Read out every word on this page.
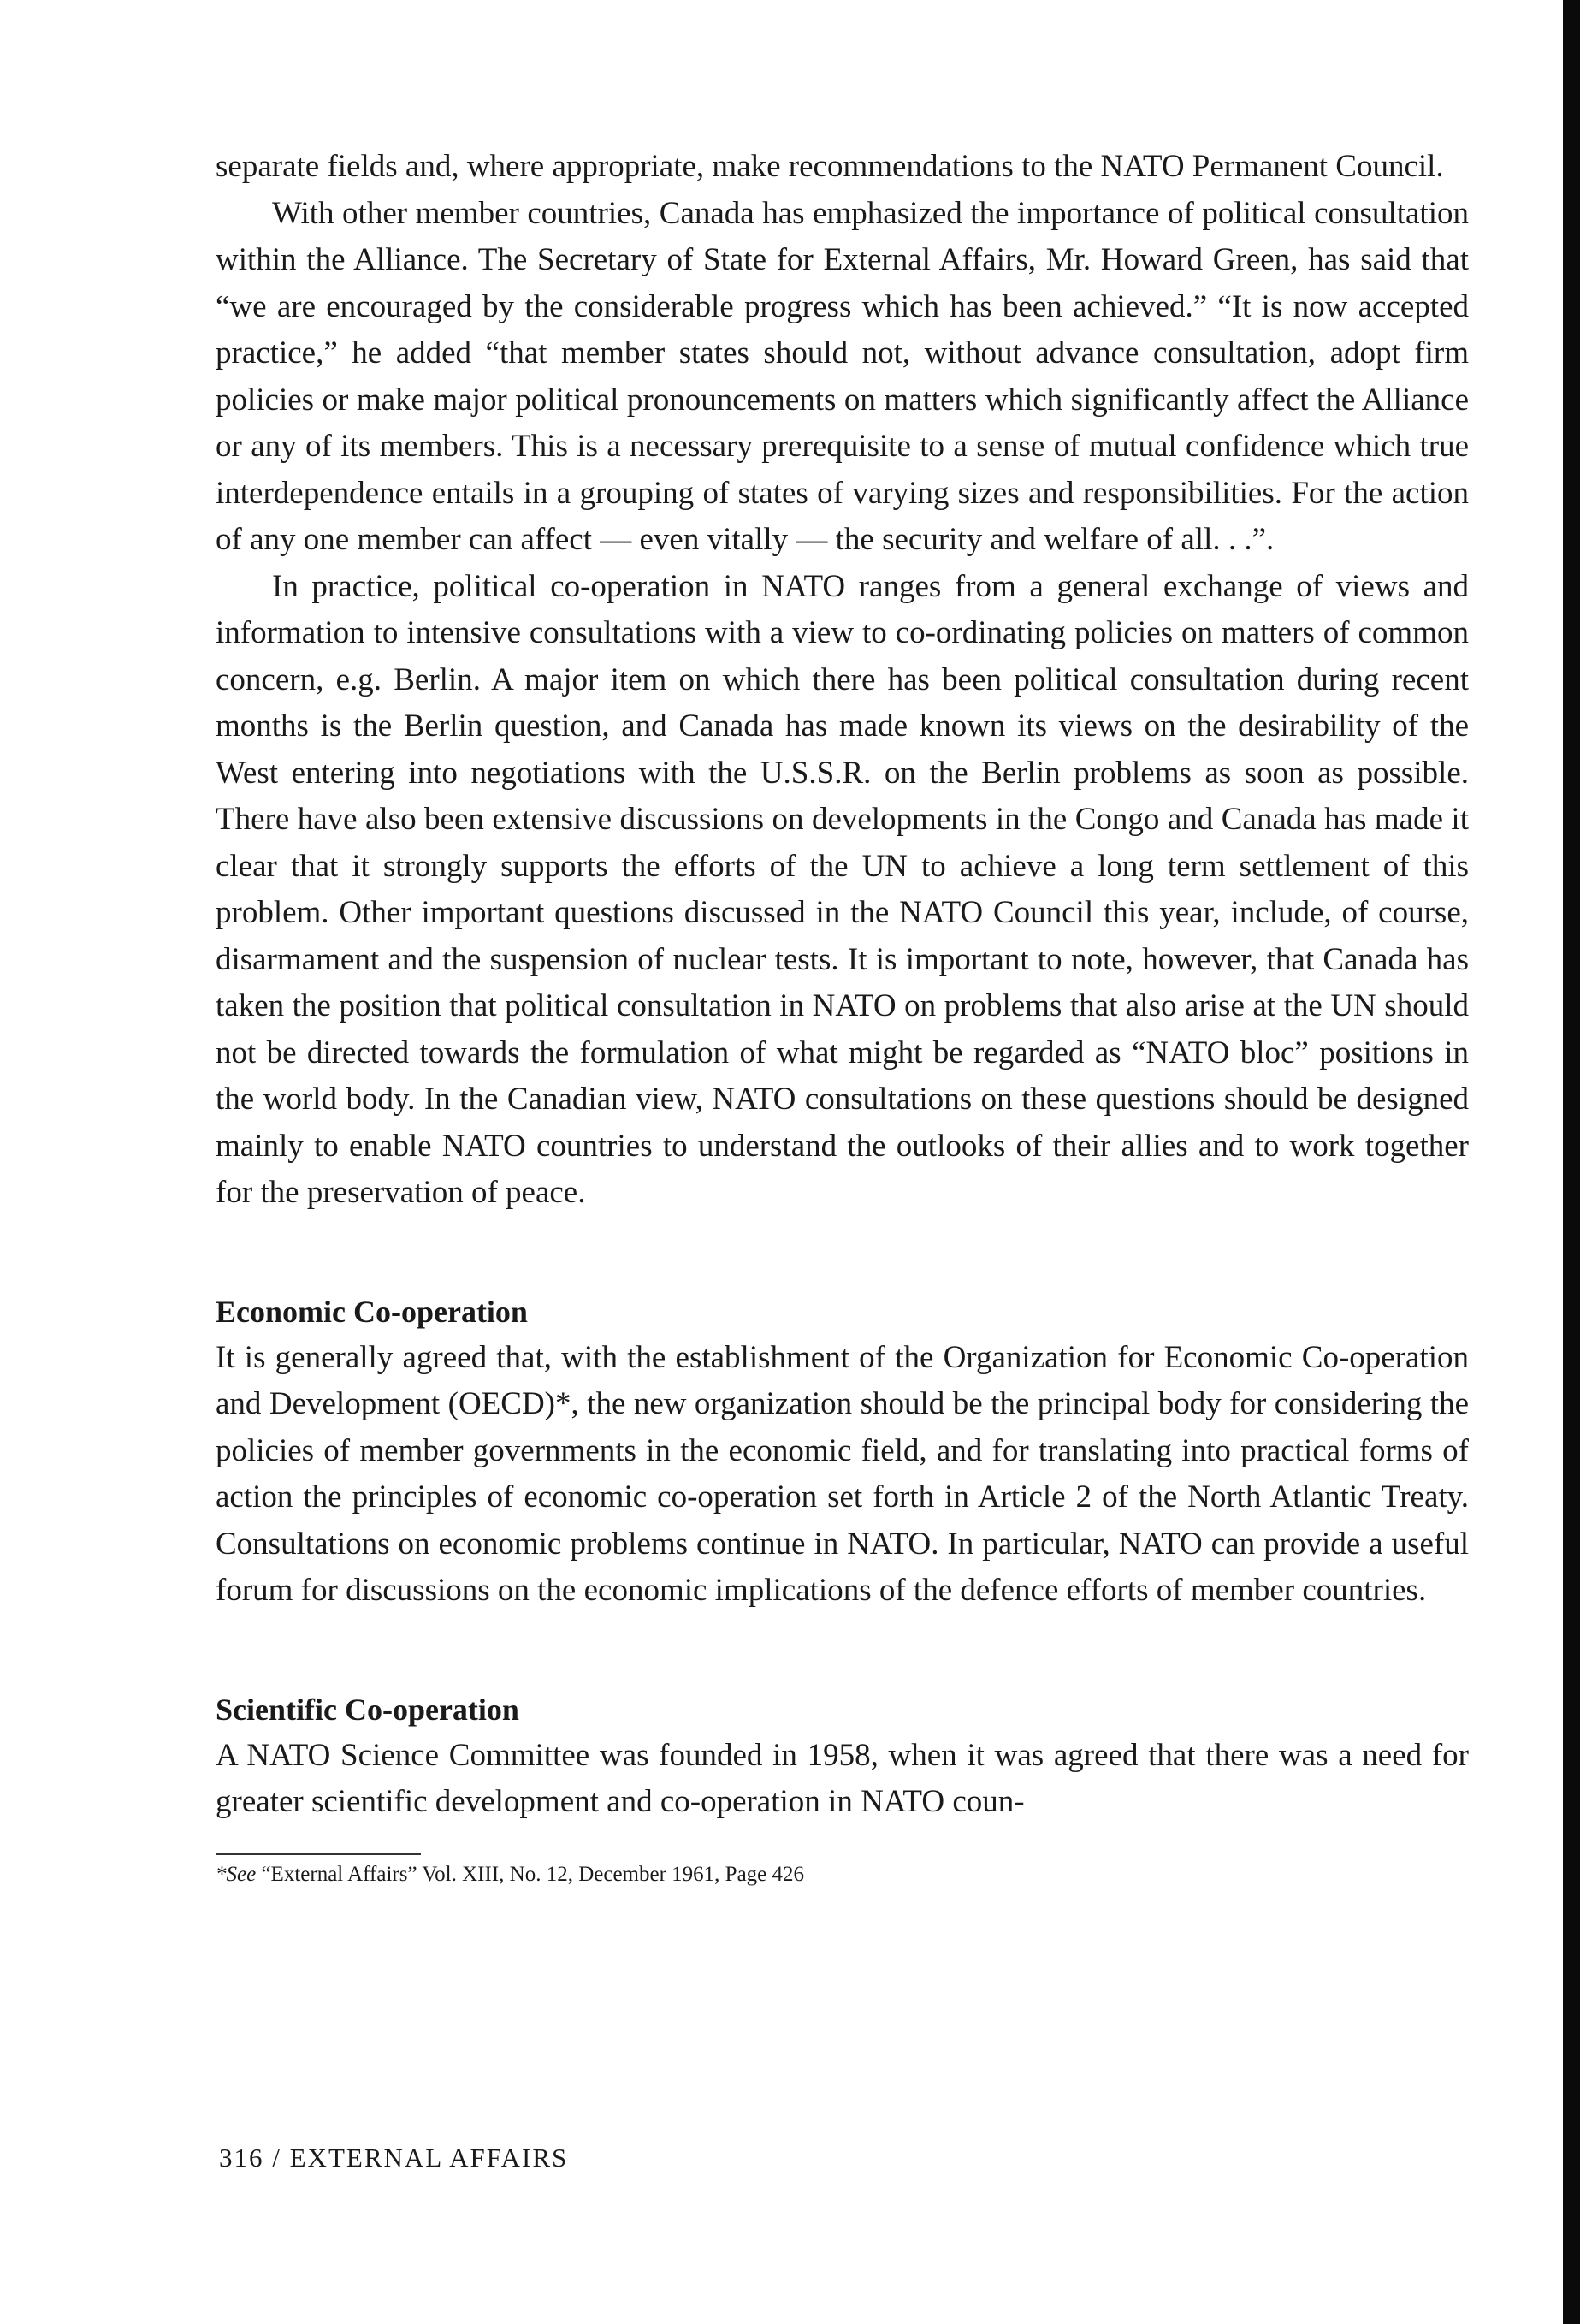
separate fields and, where appropriate, make recommendations to the NATO Permanent Council.

With other member countries, Canada has emphasized the importance of political consultation within the Alliance. The Secretary of State for External Affairs, Mr. Howard Green, has said that “we are encouraged by the considerable progress which has been achieved.” “It is now accepted practice,” he added “that member states should not, without advance consultation, adopt firm policies or make major political pronouncements on matters which significantly affect the Alliance or any of its members. This is a necessary prerequisite to a sense of mutual confidence which true interdependence entails in a grouping of states of varying sizes and responsibilities. For the action of any one member can affect — even vitally — the security and welfare of all. . .”.

In practice, political co-operation in NATO ranges from a general exchange of views and information to intensive consultations with a view to co-ordinating policies on matters of common concern, e.g. Berlin. A major item on which there has been political consultation during recent months is the Berlin question, and Canada has made known its views on the desirability of the West entering into negotiations with the U.S.S.R. on the Berlin problems as soon as possible. There have also been extensive discussions on developments in the Congo and Canada has made it clear that it strongly supports the efforts of the UN to achieve a long term settlement of this problem. Other important questions discussed in the NATO Council this year, include, of course, disarmament and the suspension of nuclear tests. It is important to note, however, that Canada has taken the position that political consultation in NATO on problems that also arise at the UN should not be directed towards the formulation of what might be regarded as “NATO bloc” positions in the world body. In the Canadian view, NATO consultations on these questions should be designed mainly to enable NATO countries to understand the outlooks of their allies and to work together for the preservation of peace.

Economic Co-operation

It is generally agreed that, with the establishment of the Organization for Economic Co-operation and Development (OECD)*, the new organization should be the principal body for considering the policies of member governments in the economic field, and for translating into practical forms of action the principles of economic co-operation set forth in Article 2 of the North Atlantic Treaty. Consultations on economic problems continue in NATO. In particular, NATO can provide a useful forum for discussions on the economic implications of the defence efforts of member countries.

Scientific Co-operation

A NATO Science Committee was founded in 1958, when it was agreed that there was a need for greater scientific development and co-operation in NATO coun-

*See “External Affairs” Vol. XIII, No. 12, December 1961, Page 426

316 / EXTERNAL AFFAIRS
